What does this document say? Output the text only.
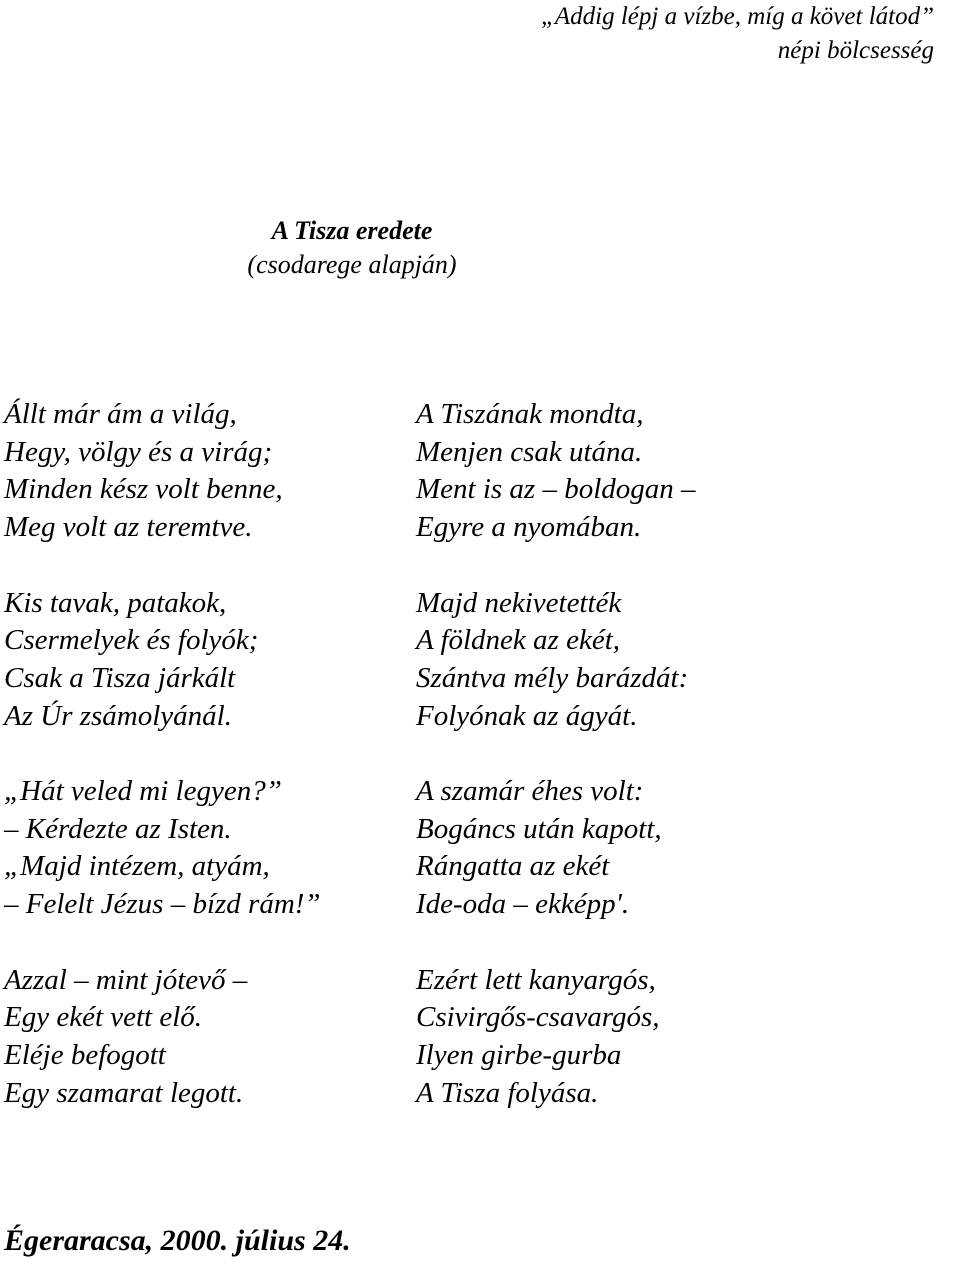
„Addig lépj a vízbe, míg a követ látod”
népi bölcsesség
A Tisza eredete
(csodarege alapján)
Állt már ám a világ,
Hegy, völgy és a virág;
Minden kész volt benne,
Meg volt az teremtve.
Kis tavak, patakok,
Csermelyek és folyók;
Csak a Tisza járkált
Az Úr zsámolyánál.
„Hát veled mi legyen?”
– Kérdezte az Isten.
„Majd intézem, atyám,
– Felelt Jézus – bízd rám!”
Azzal – mint jótevő –
Egy ekét vett elő.
Eléje befogott
Egy szamarat legott.
A Tiszának mondta,
Menjen csak utána.
Ment is az – boldogan –
Egyre a nyomában.
Majd nekivetették
A földnek az ekét,
Szántva mély barázdát:
Folyónak az ágyát.
A szamár éhes volt:
Bogáncs után kapott,
Rángatta az ekét
Ide-oda – ekképp'.
Ezért lett kanyargós,
Csivirgős-csavargós,
Ilyen girbe-gurba
A Tisza folyása.
Égeraracsa, 2000. július 24.
